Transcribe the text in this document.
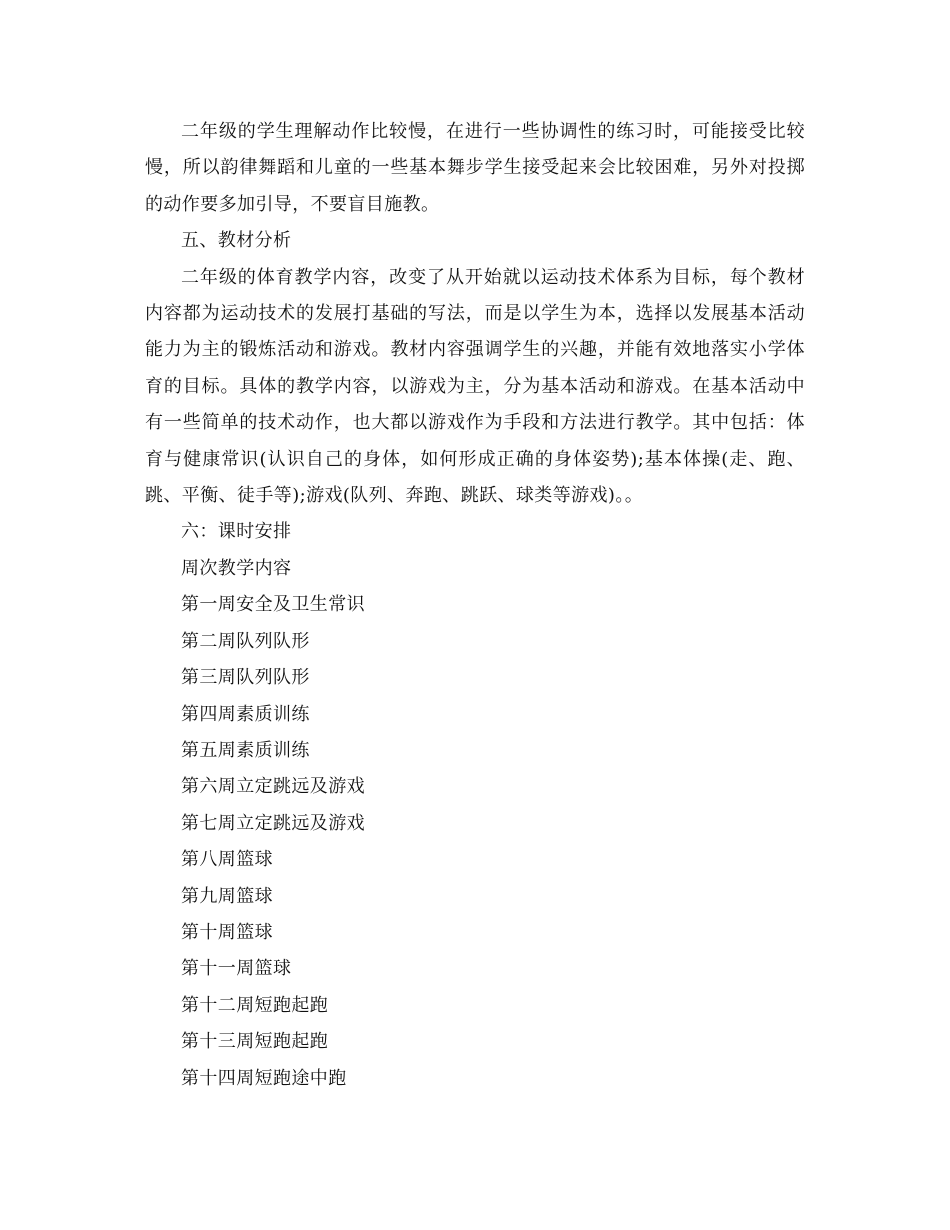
二年级的学生理解动作比较慢，在进行一些协调性的练习时，可能接受比较慢，所以韵律舞蹈和儿童的一些基本舞步学生接受起来会比较困难，另外对投掷的动作要多加引导，不要盲目施教。

五、教材分析

二年级的体育教学内容，改变了从开始就以运动技术体系为目标，每个教材内容都为运动技术的发展打基础的写法，而是以学生为本，选择以发展基本活动能力为主的锻炼活动和游戏。教材内容强调学生的兴趣，并能有效地落实小学体育的目标。具体的教学内容，以游戏为主，分为基本活动和游戏。在基本活动中有一些简单的技术动作，也大都以游戏作为手段和方法进行教学。其中包括：体育与健康常识(认识自己的身体，如何形成正确的身体姿势);基本体操(走、跑、跳、平衡、徒手等);游戏(队列、奔跑、跳跃、球类等游戏)。。

六：课时安排

周次教学内容

第一周安全及卫生常识
第二周队列队形
第三周队列队形
第四周素质训练
第五周素质训练
第六周立定跳远及游戏
第七周立定跳远及游戏
第八周篮球
第九周篮球
第十周篮球
第十一周篮球
第十二周短跑起跑
第十三周短跑起跑
第十四周短跑途中跑
